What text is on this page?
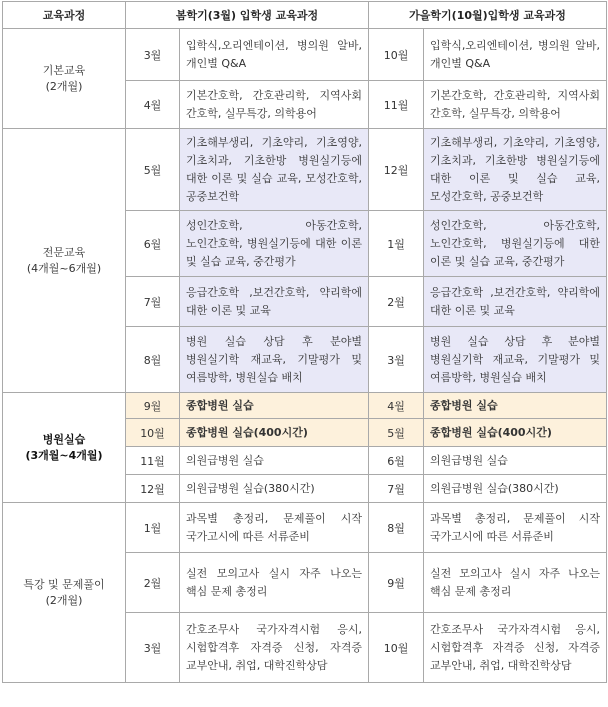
교육과정	봄학기(3월) 입학생 교육과정		가을학기(10월)입학생 교육과정	

기본교육
(2개월)	3월	입학식,오리엔테이션, 병의원 알바, 개인별 Q&A	10월	입학식,오리엔테이션, 병의원 알바, 개인별 Q&A
	4월	기본간호학, 간호관리학, 지역사회 간호학, 실무특강, 의학용어	11월	기본간호학, 간호관리학, 지역사회 간호학, 실무특강, 의학용어

전문교육
(4개월~6개월)	5월	기초해부생리, 기초약리, 기초영양, 기초치과, 기초한방 병원실기등에 대한 이론 및 실습 교육, 모성간호학, 공중보건학	12월	기초해부생리, 기초약리, 기초영양, 기초치과, 기초한방 병원실기등에 대한 이론 및 실습 교육, 모성간호학, 공중보건학
	6월	성인간호학, 아동간호학, 노인간호학, 병원실기등에 대한 이론 및 실습 교육, 중간평가	1월	성인간호학, 아동간호학, 노인간호학, 병원실기등에 대한 이론 및 실습 교육, 중간평가
	7월	응급간호학 ,보건간호학, 약리학에 대한 이론 및 교육	2월	응급간호학 ,보건간호학, 약리학에 대한 이론 및 교육
	8월	병원 실습 상담 후 분야별 병원실기학 재교육, 기말평가 및 여름방학, 병원실습 배치	3월	병원 실습 상담 후 분야별 병원실기학 재교육, 기말평가 및 여름방학, 병원실습 배치

병원실습
(3개월~4개월)	9월	종합병원 실습	4월	종합병원 실습
	10월	종합병원 실습(400시간)	5월	종합병원 실습(400시간)
	11월	의원급병원 실습	6월	의원급병원 실습
	12월	의원급병원 실습(380시간)	7월	의원급병원 실습(380시간)

특강 및 문제풀이
(2개월)	1월	과목별 총정리, 문제풀이 시작 국가고시에 따른 서류준비	8월	과목별 총정리, 문제풀이 시작 국가고시에 따른 서류준비
	2월	실전 모의고사 실시 자주 나오는 핵심 문제 총정리	9월	실전 모의고사 실시 자주 나오는 핵심 문제 총정리
	3월	간호조무사 국가자격시험 응시, 시험합격후 자격증 신청, 자격증 교부안내, 취업, 대학진학상담	10월	간호조무사 국가자격시험 응시, 시험합격후 자격증 신청, 자격증 교부안내, 취업, 대학진학상담
